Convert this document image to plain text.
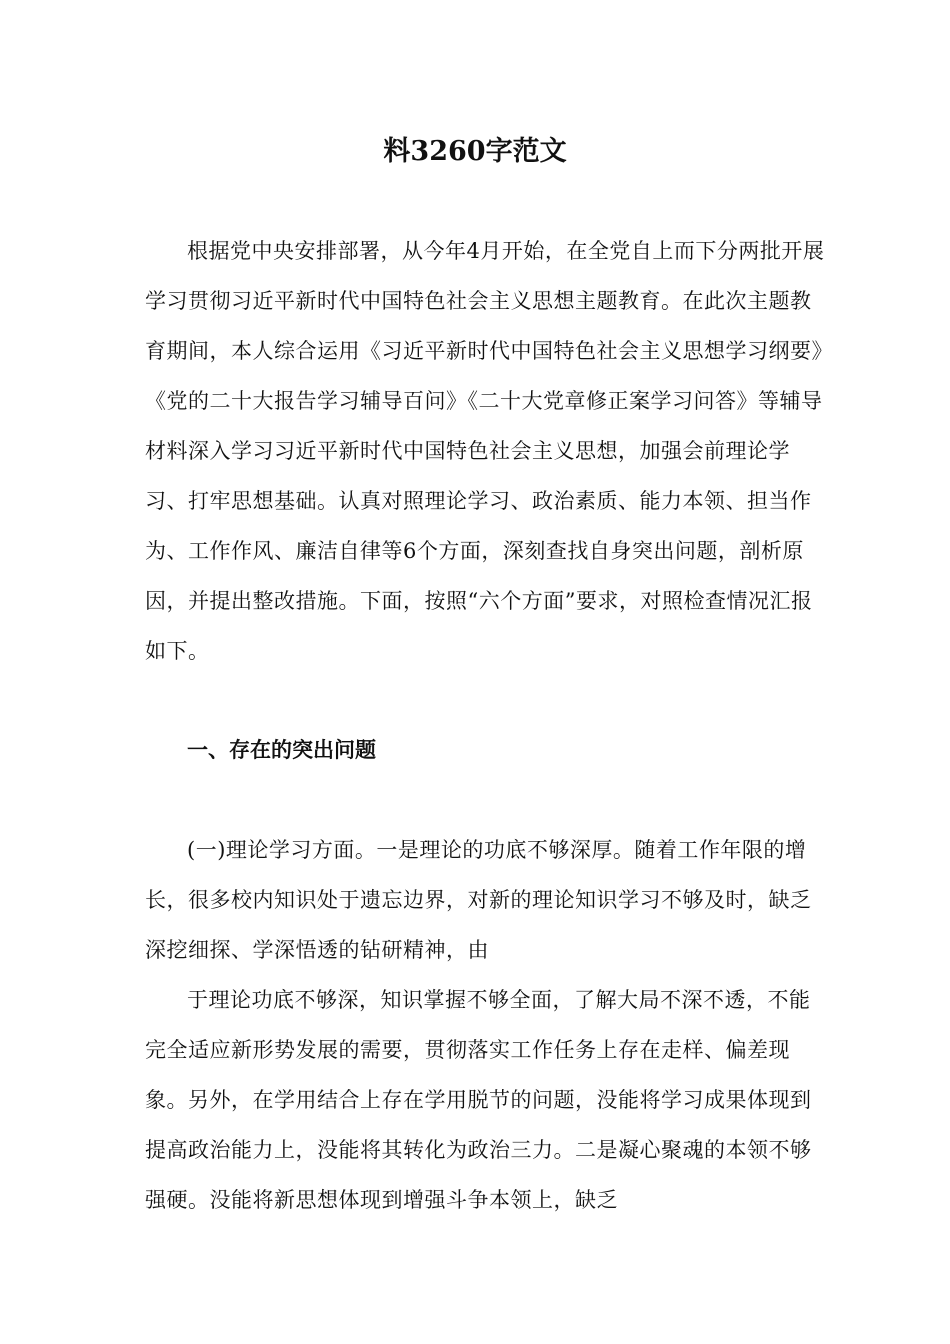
料3260字范文

根据党中央安排部署，从今年4月开始，在全党自上而下分两批开展学习贯彻习近平新时代中国特色社会主义思想主题教育。在此次主题教育期间，本人综合运用《习近平新时代中国特色社会主义思想学习纲要》《党的二十大报告学习辅导百问》《二十大党章修正案学习问答》等辅导材料深入学习习近平新时代中国特色社会主义思想，加强会前理论学习、打牢思想基础。认真对照理论学习、政治素质、能力本领、担当作为、工作作风、廉洁自律等6个方面，深刻查找自身突出问题，剖析原因，并提出整改措施。下面，按照“六个方面”要求，对照检查情况汇报如下。

一、存在的突出问题

(一)理论学习方面。一是理论的功底不够深厚。随着工作年限的增长，很多校内知识处于遗忘边界，对新的理论知识学习不够及时，缺乏深挖细探、学深悟透的钻研精神，由

于理论功底不够深，知识掌握不够全面，了解大局不深不透，不能完全适应新形势发展的需要，贯彻落实工作任务上存在走样、偏差现象。另外，在学用结合上存在学用脱节的问题，没能将学习成果体现到提高政治能力上，没能将其转化为政治三力。二是凝心聚魂的本领不够强硬。没能将新思想体现到增强斗争本领上，缺乏
